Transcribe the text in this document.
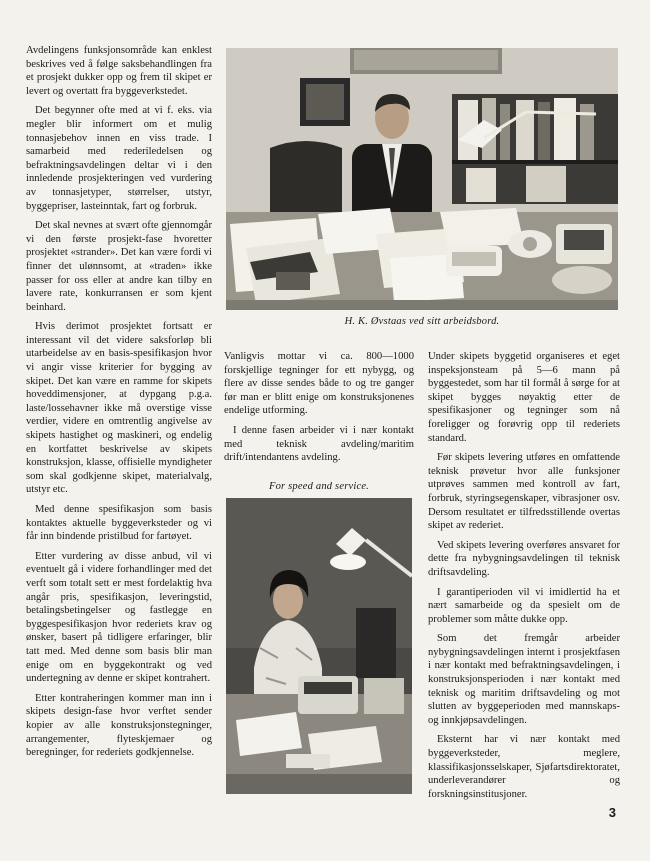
Avdelingens funksjonsområde kan enklest beskrives ved å følge saksbehandlingen fra et prosjekt dukker opp og frem til skipet er levert og overtatt fra byggeverkstedet.

Det begynner ofte med at vi f. eks. via megler blir informert om et mulig tonnasjebehov innen en viss trade. I samarbeid med rederiledelsen og befraktningsavdelingen deltar vi i den innledende prosjekteringen ved vurdering av tonnasjetyper, størrelser, utstyr, byggepriser, lasteinntak, fart og forbruk.

Det skal nevnes at svært ofte gjennomgår vi den første prosjekt-fase hvoretter prosjektet «strander». Det kan være fordi vi finner det ulønnsomt, at «traden» ikke passer for oss eller at andre kan tilby en lavere rate, konkurransen er som kjent beinhard.

Hvis derimot prosjektet fortsatt er interessant vil det videre saksforløp bli utarbeidelse av en basis-spesifikasjon hvor vi angir visse kriterier for bygging av skipet. Det kan være en ramme for skipets hoveddimensjoner, at dypgang p.g.a. laste/lossehavner ikke må overstige visse verdier, videre en omtrentlig angivelse av skipets hastighet og maskineri, og endelig en kortfattet beskrivelse av skipets konstruksjon, klasse, offisielle myndigheter som skal godkjenne skipet, materialvalg, utstyr etc.

Med denne spesifikasjon som basis kontaktes aktuelle byggeverksteder og vi får inn bindende pristilbud for fartøyet.

Etter vurdering av disse anbud, vil vi eventuelt gå i videre forhandlinger med det verft som totalt sett er mest fordelaktig hva angår pris, spesifikasjon, leveringstid, betalingsbetingelser og fastlegge en byggespesifikasjon hvor rederiets krav og ønsker, basert på tidligere erfaringer, blir tatt med. Med denne som basis blir man enige om en byggekontrakt og ved undertegning av denne er skipet kontrahert.

Etter kontraheringen kommer man inn i skipets design-fase hvor verftet sender kopier av alle konstruksjonstegninger, arrangementer, flyteskjemaer og beregninger, for rederiets godkjennelse.

H. K. Øvstaas ved sitt arbeidsbord.

Vanligvis mottar vi ca. 800—1000 forskjellige tegninger for ett nybygg, og flere av disse sendes både to og tre ganger før man er blitt enige om konstruksjonenes endelige utforming.

I denne fasen arbeider vi i nær kontakt med teknisk avdeling/maritim drift/intendantens avdeling.

For speed and service.

Under skipets byggetid organiseres et eget inspeksjonsteam på 5—6 mann på byggestedet, som har til formål å sørge for at skipet bygges nøyaktig etter de spesifikasjoner og tegninger som nå foreligger og forøvrig opp til rederiets standard.

Før skipets levering utføres en omfattende teknisk prøvetur hvor alle funksjoner utprøves sammen med kontroll av fart, forbruk, styringsegenskaper, vibrasjoner osv. Dersom resultatet er tilfredsstillende overtas skipet av rederiet.

Ved skipets levering overføres ansvaret for dette fra nybygningsavdelingen til teknisk driftsavdeling.

I garantiperioden vil vi imidlertid ha et nært samarbeide og da spesielt om de problemer som måtte dukke opp.

Som det fremgår arbeider nybygningsavdelingen internt i prosjektfasen i nær kontakt med befraktningsavdelingen, i konstruksjonsperioden i nær kontakt med teknisk og maritim driftsavdeling og mot slutten av byggeperioden med mannskaps- og innkjøpsavdelingen.

Eksternt har vi nær kontakt med byggeverksteder, meglere, klassifikasjonsselskaper, Sjøfartsdirektoratet, underleverandører og forskningsinstitusjoner.

3
